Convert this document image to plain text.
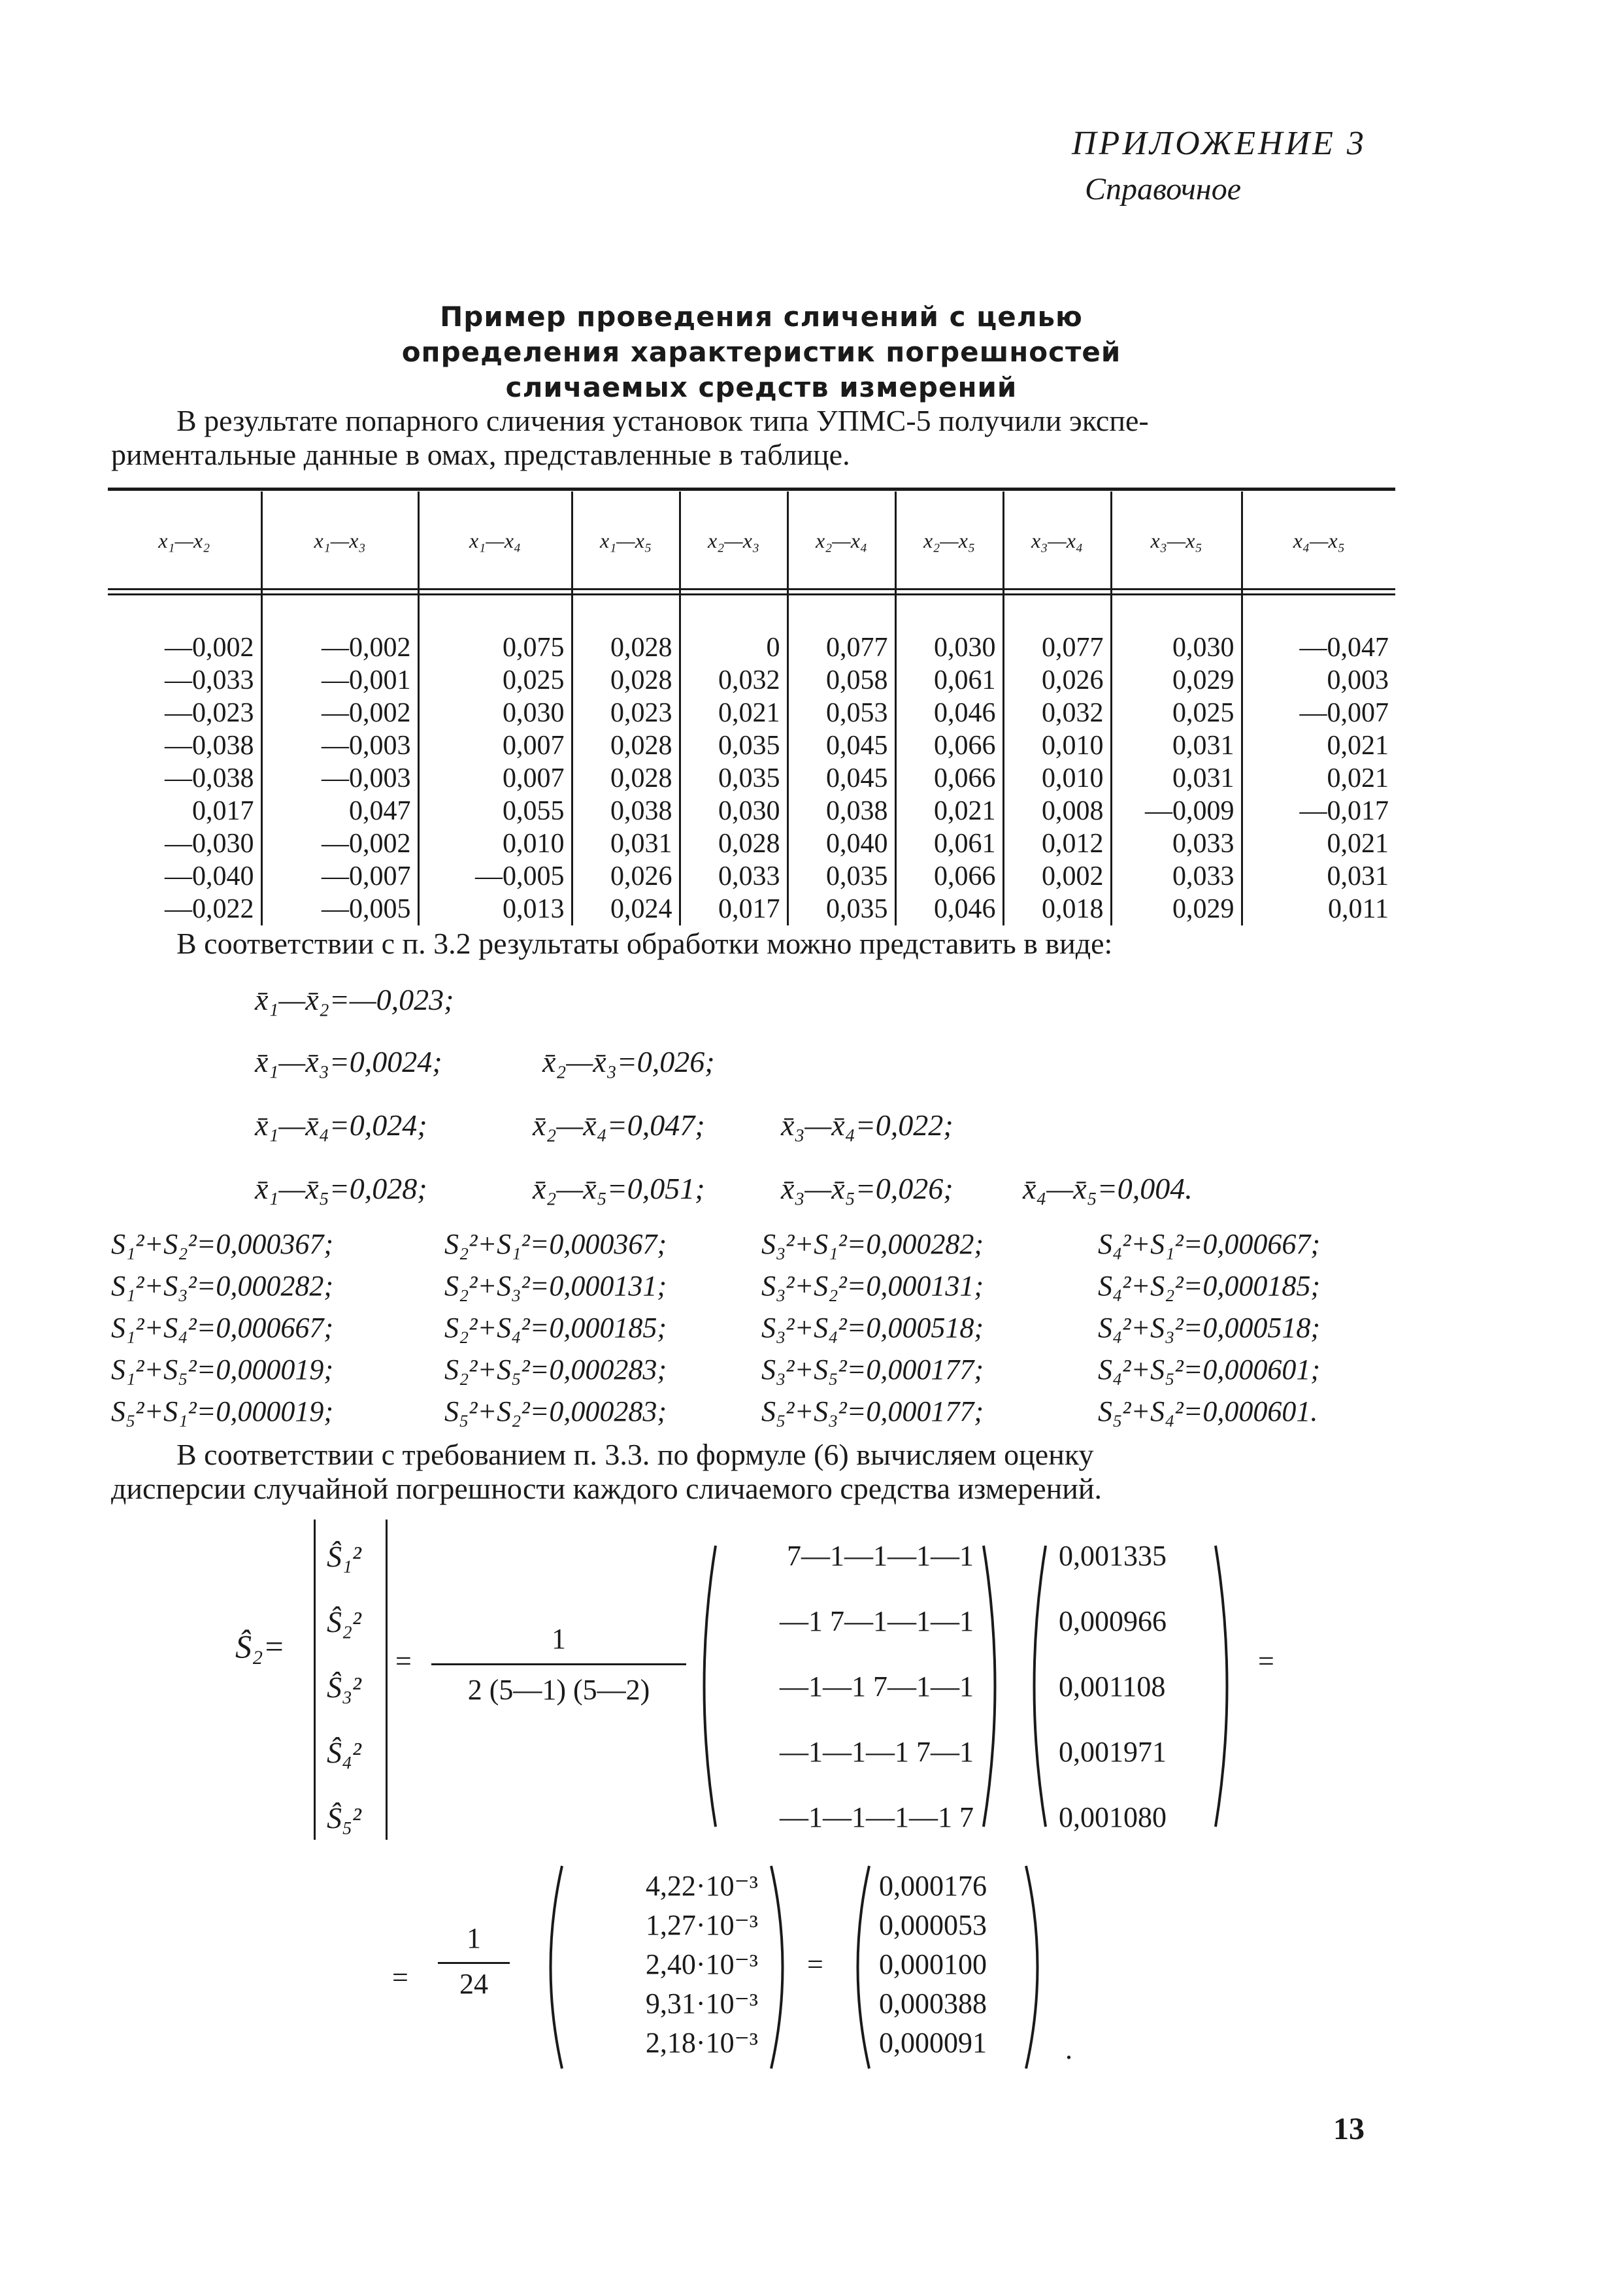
ПРИЛОЖЕНИЕ 3
Справочное
Пример проведения сличений с целью
определения характеристик погрешностей
сличаемых средств измерений
В результате попарного сличения установок типа УПМС-5 получили экспе-
риментальные данные в омах, представленные в таблице.
x₁—x₂	x₁—x₃	x₁—x₄	x₁—x₅	x₂—x₃	x₂—x₄	x₂—x₅	x₃—x₄	x₃—x₅	x₄—x₅

—0,002	—0,002	0,075	0,028	0	0,077	0,030	0,077	0,030	—0,047
—0,033	—0,001	0,025	0,028	0,032	0,058	0,061	0,026	0,029	0,003
—0,023	—0,002	0,030	0,023	0,021	0,053	0,046	0,032	0,025	—0,007
—0,038	—0,003	0,007	0,028	0,035	0,045	0,066	0,010	0,031	0,021
—0,038	—0,003	0,007	0,028	0,035	0,045	0,066	0,010	0,031	0,021
0,017	0,047	0,055	0,038	0,030	0,038	0,021	0,008	—0,009	—0,017
—0,030	—0,002	0,010	0,031	0,028	0,040	0,061	0,012	0,033	0,021
—0,040	—0,007	—0,005	0,026	0,033	0,035	0,066	0,002	0,033	0,031
—0,022	—0,005	0,013	0,024	0,017	0,035	0,046	0,018	0,029	0,011
В соответствии с п. 3.2 результаты обработки можно представить в виде:
x̄₁—x̄₂=—0,023;
x̄₁—x̄₃=0,0024;	x̄₂—x̄₃=0,026;
x̄₁—x̄₄=0,024;	x̄₂—x̄₄=0,047;	x̄₃—x̄₄=0,022;
x̄₁—x̄₅=0,028;	x̄₂—x̄₅=0,051;	x̄₃—x̄₅=0,026; x̄₄—x̄₅=0,004.
S₁²+S₂²=0,000367;	S₂²+S₁²=0,000367;	S₃²+S₁²=0,000282;	S₄²+S₁²=0,000667;
S₁²+S₃²=0,000282;	S₂²+S₃²=0,000131;	S₃²+S₂²=0,000131;	S₄²+S₂²=0,000185;
S₁²+S₄²=0,000667;	S₂²+S₄²=0,000185;	S₃²+S₄²=0,000518;	S₄²+S₃²=0,000518;
S₁²+S₅²=0,000019;	S₂²+S₅²=0,000283;	S₃²+S₅²=0,000177;	S₄²+S₅²=0,000601;
S₅²+S₁²=0,000019;	S₅²+S₂²=0,000283;	S₅²+S₃²=0,000177;	S₅²+S₄²=0,000601.
В соответствии с требованием п. 3.3. по формуле (6) вычисляем оценку
дисперсии случайной погрешности каждого сличаемого средства измерений.
Ŝ₂=
Ŝ₁²
Ŝ₂²
Ŝ₃²
Ŝ₄²
Ŝ₅²
=
1
2 (5—1) (5—2)
7—1—1—1—1
—1 7—1—1—1
—1—1 7—1—1
—1—1—1 7—1
—1—1—1—1 7
0,001335
0,000966
0,001108
0,001971
0,001080
=
=
1
24
4,22·10⁻³
1,27·10⁻³
2,40·10⁻³
9,31·10⁻³
2,18·10⁻³
=
0,000176
0,000053
0,000100
0,000388
0,000091	.
13
